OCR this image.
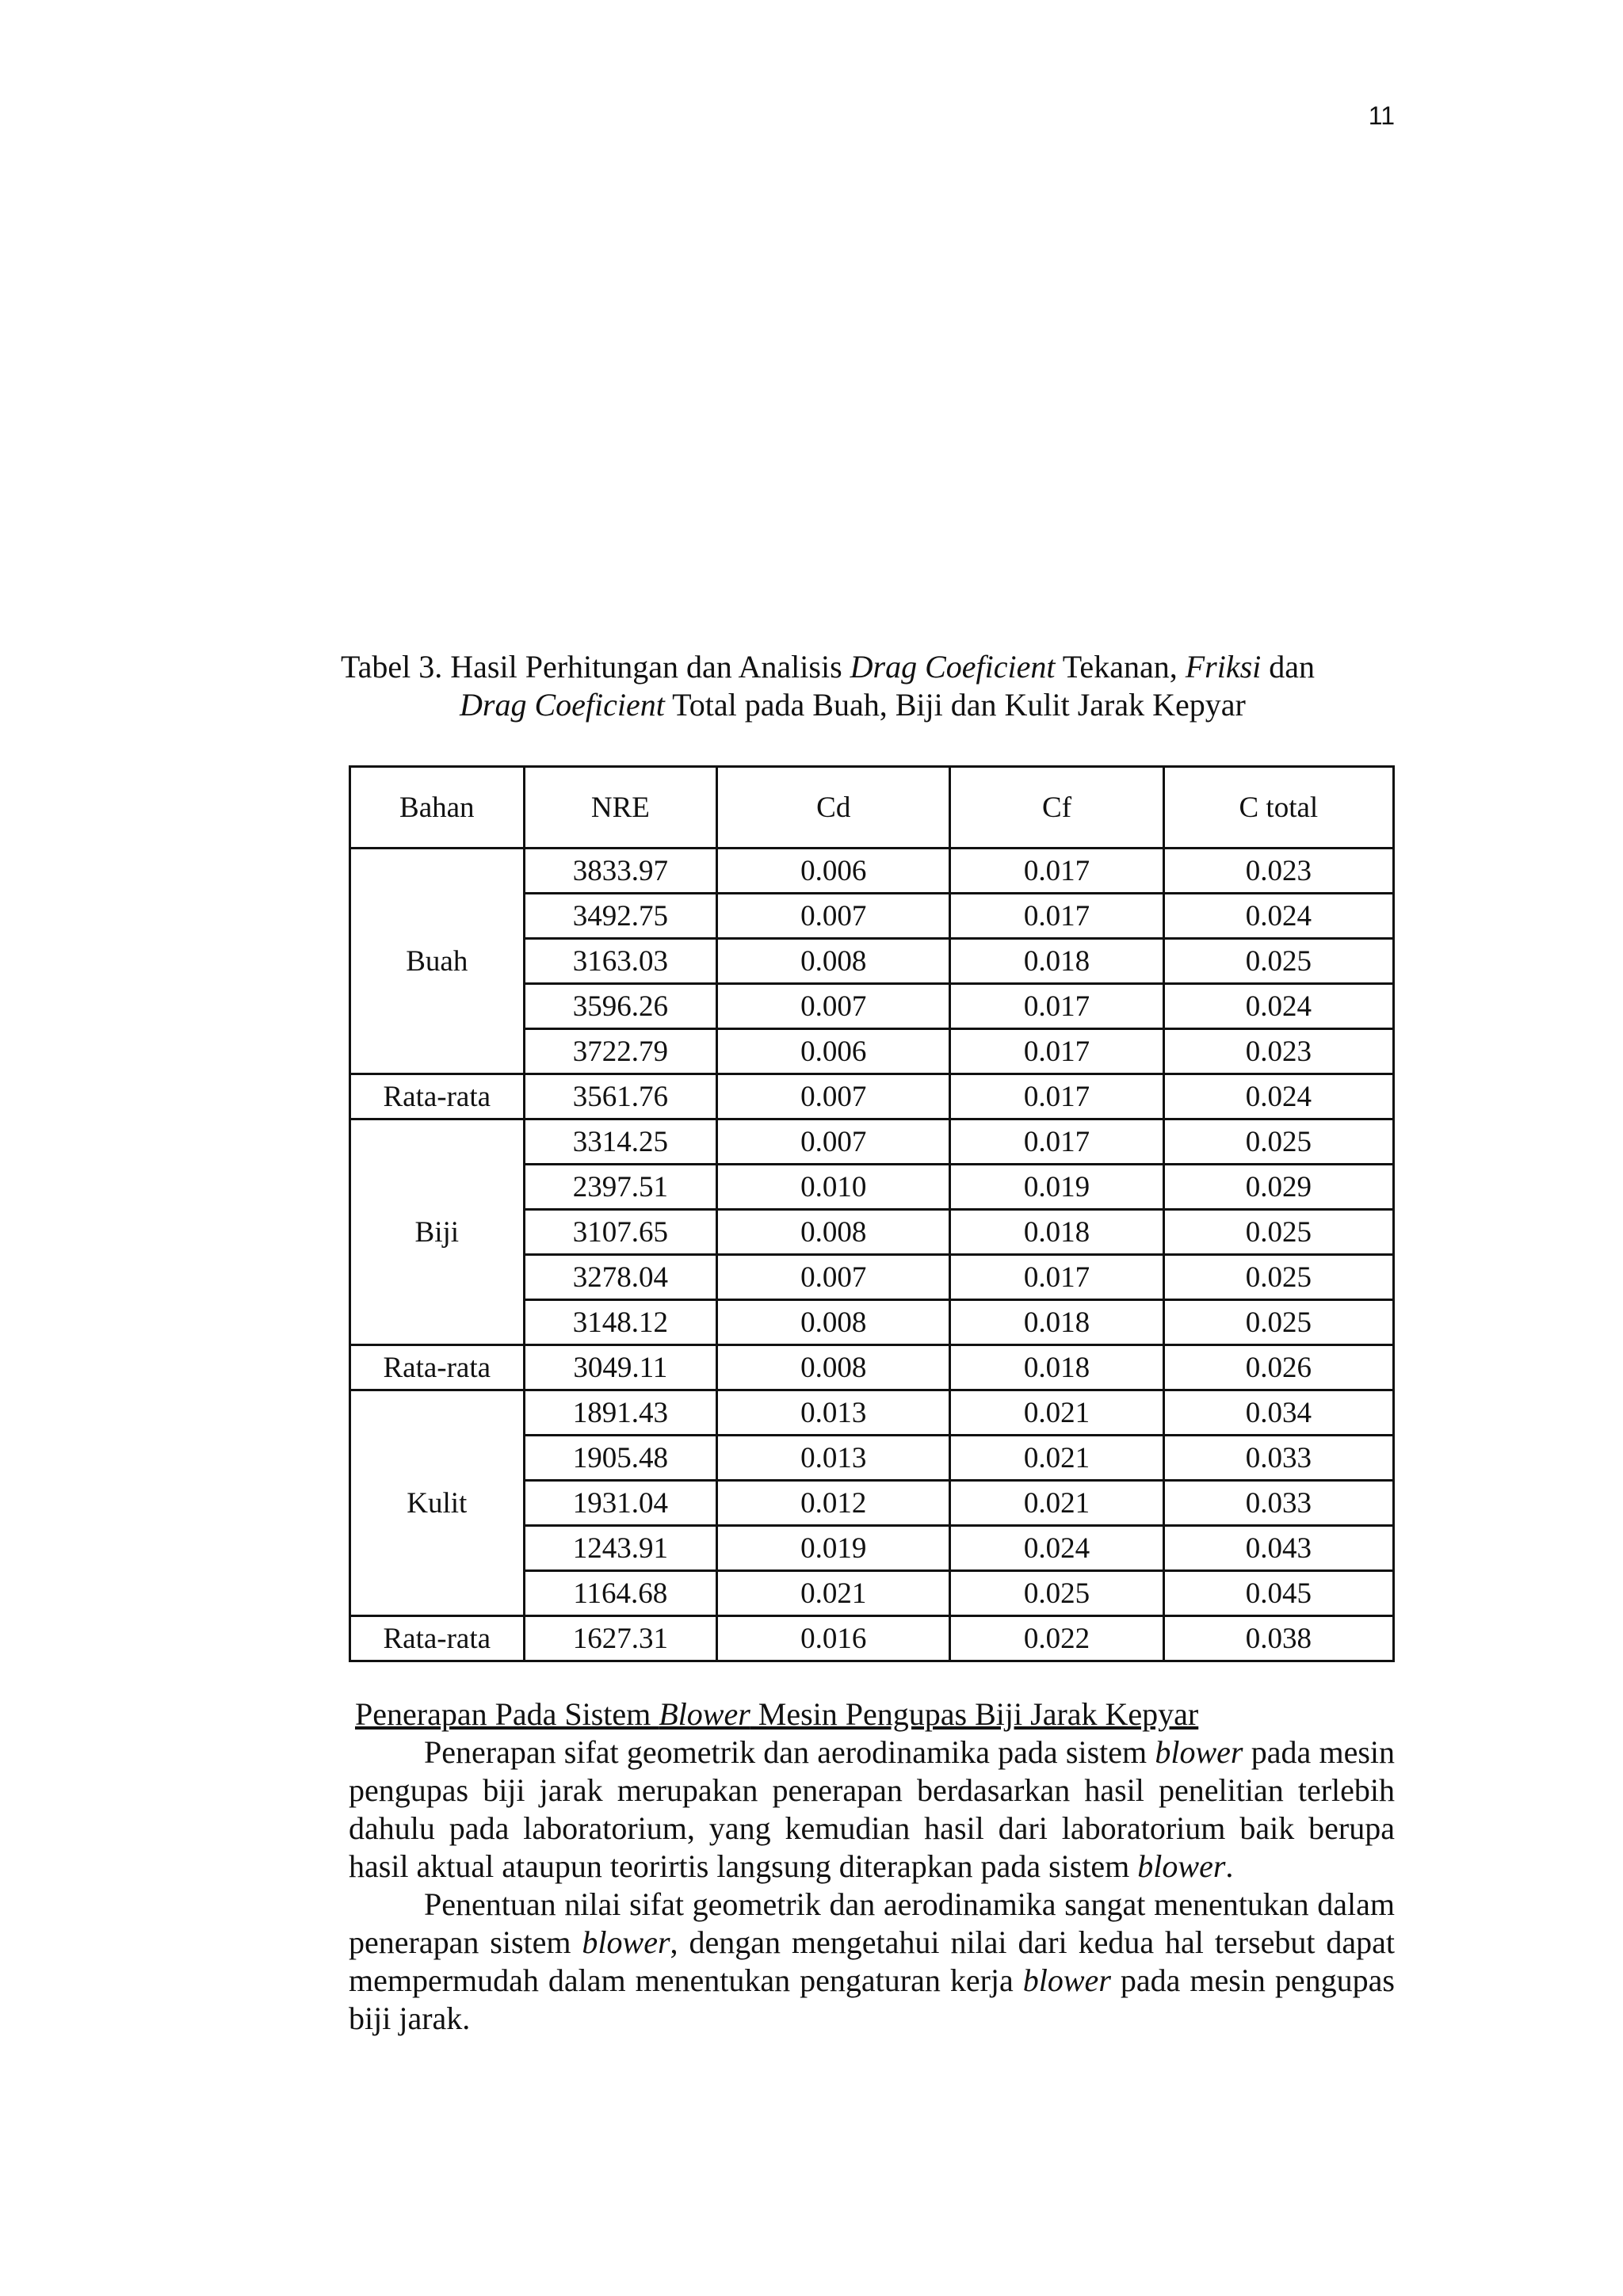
11
Tabel 3. Hasil Perhitungan dan Analisis Drag Coeficient Tekanan, Friksi dan
Drag Coeficient Total pada Buah, Biji dan Kulit Jarak Kepyar
Bahan	NRE	Cd	Cf	C total
Buah	3833.97	0.006	0.017	0.023
	3492.75	0.007	0.017	0.024
	3163.03	0.008	0.018	0.025
	3596.26	0.007	0.017	0.024
	3722.79	0.006	0.017	0.023
Rata-rata	3561.76	0.007	0.017	0.024
Biji	3314.25	0.007	0.017	0.025
	2397.51	0.010	0.019	0.029
	3107.65	0.008	0.018	0.025
	3278.04	0.007	0.017	0.025
	3148.12	0.008	0.018	0.025
Rata-rata	3049.11	0.008	0.018	0.026
Kulit	1891.43	0.013	0.021	0.034
	1905.48	0.013	0.021	0.033
	1931.04	0.012	0.021	0.033
	1243.91	0.019	0.024	0.043
	1164.68	0.021	0.025	0.045
Rata-rata	1627.31	0.016	0.022	0.038
Penerapan Pada Sistem Blower Mesin Pengupas Biji Jarak Kepyar

Penerapan sifat geometrik dan aerodinamika pada sistem blower pada mesin pengupas biji jarak merupakan penerapan berdasarkan hasil penelitian terlebih dahulu pada laboratorium, yang kemudian hasil dari laboratorium baik berupa hasil aktual ataupun teorirtis langsung diterapkan pada sistem blower.

Penentuan nilai sifat geometrik dan aerodinamika sangat menentukan dalam penerapan sistem blower, dengan mengetahui nilai dari kedua hal tersebut dapat mempermudah dalam menentukan pengaturan kerja blower pada mesin pengupas biji jarak.
